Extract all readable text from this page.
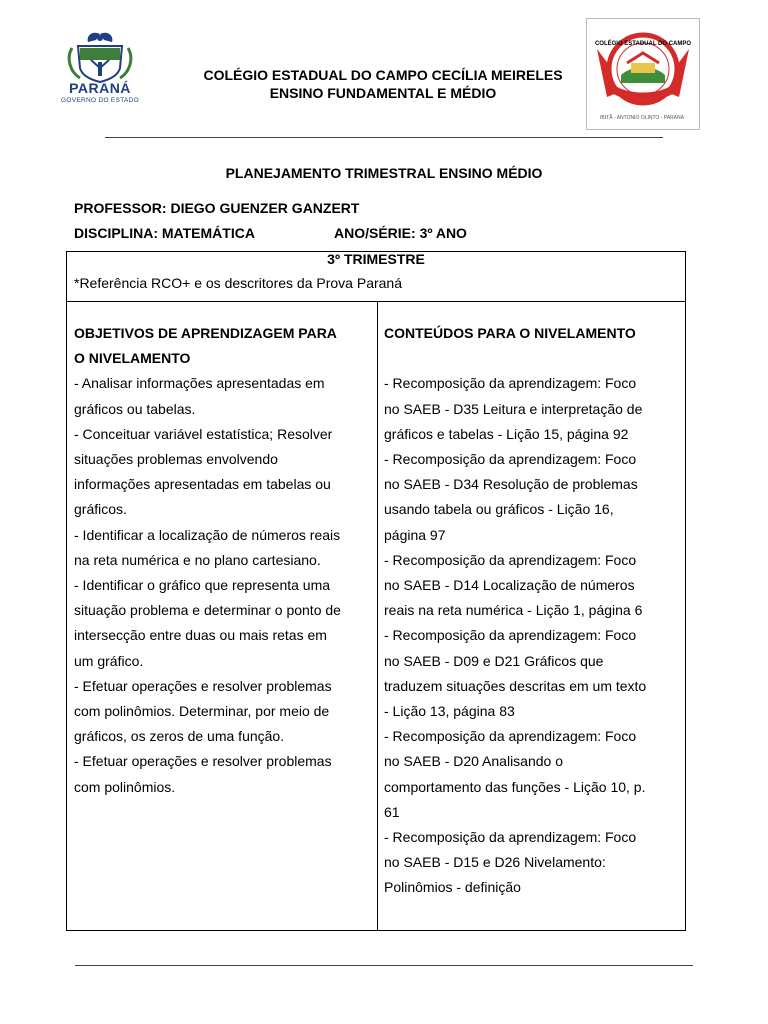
PARANÁ
GOVERNO DO ESTADO
COLÉGIO ESTADUAL DO CAMPO CECÍLIA MEIRELES
ENSINO FUNDAMENTAL E MÉDIO
COLÉGIO ESTADUAL DO CAMPO
IBITÃ - ANTONIO OLINTO - PARANÁ
PLANEJAMENTO TRIMESTRAL ENSINO MÉDIO
PROFESSOR: DIEGO GUENZER GANZERT
DISCIPLINA: MATEMÁTICA	ANO/SÉRIE: 3º ANO
3º TRIMESTRE
*Referência RCO+ e os descritores da Prova Paraná
OBJETIVOS DE APRENDIZAGEM PARA
O NIVELAMENTO
- Analisar informações apresentadas em
gráficos ou tabelas.
- Conceituar variável estatística; Resolver
situações problemas envolvendo
informações apresentadas em tabelas ou
gráficos.
- Identificar a localização de números reais
na reta numérica e no plano cartesiano.
- Identificar o gráfico que representa uma
situação problema e determinar o ponto de
intersecção entre duas ou mais retas em
um gráfico.
- Efetuar operações e resolver problemas
com polinômios. Determinar, por meio de
gráficos, os zeros de uma função.
- Efetuar operações e resolver problemas
com polinômios.
CONTEÚDOS PARA O NIVELAMENTO

- Recomposição da aprendizagem: Foco
no SAEB - D35 Leitura e interpretação de
gráficos e tabelas - Lição 15, página 92
- Recomposição da aprendizagem: Foco
no SAEB - D34 Resolução de problemas
usando tabela ou gráficos - Lição 16,
página 97
- Recomposição da aprendizagem: Foco
no SAEB - D14 Localização de números
reais na reta numérica - Lição 1, página 6
- Recomposição da aprendizagem: Foco
no SAEB - D09 e D21 Gráficos que
traduzem situações descritas em um texto
- Lição 13, página 83
- Recomposição da aprendizagem: Foco
no SAEB - D20 Analisando o
comportamento das funções - Lição 10, p.
61
- Recomposição da aprendizagem: Foco
no SAEB - D15 e D26 Nivelamento:
Polinômios - definição
